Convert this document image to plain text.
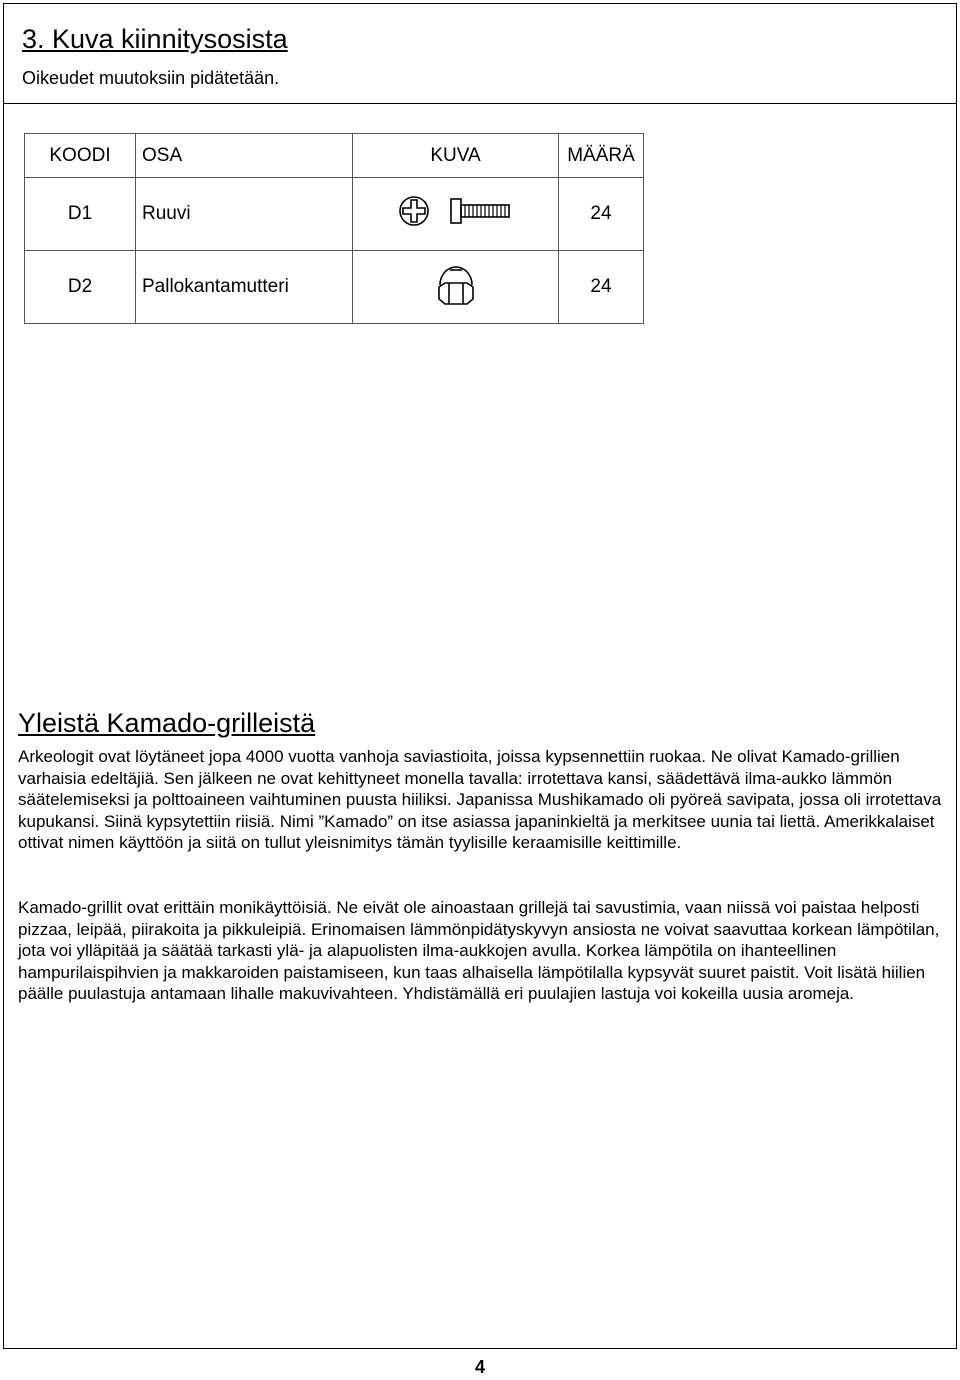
3. Kuva kiinnitysosista
Oikeudet muutoksiin pidätetään.
KOODI	OSA	KUVA	MÄÄRÄ
D1	Ruuvi		24
D2	Pallokantamutteri		24
Yleistä Kamado-grilleistä
Arkeologit ovat löytäneet jopa 4000 vuotta vanhoja saviastioita, joissa kypsennettiin ruokaa. Ne olivat Kamado-grillien varhaisia edeltäjiä. Sen jälkeen ne ovat kehittyneet monella tavalla: irrotettava kansi, säädettävä ilma-aukko lämmön säätelemiseksi ja polttoaineen vaihtuminen puusta hiiliksi. Japanissa Mushikamado oli pyöreä savipata, jossa oli irrotettava kupukansi. Siinä kypsytettiin riisiä. Nimi ”Kamado” on itse asiassa japaninkieltä ja merkitsee uunia tai liettä. Amerikkalaiset ottivat nimen käyttöön ja siitä on tullut yleisnimitys tämän tyylisille keraamisille keittimille.
Kamado-grillit ovat erittäin monikäyttöisiä. Ne eivät ole ainoastaan grillejä tai savustimia, vaan niissä voi paistaa helposti pizzaa, leipää, piirakoita ja pikkuleipiä. Erinomaisen lämmönpidätyskyvyn ansiosta ne voivat saavuttaa korkean lämpötilan, jota voi ylläpitää ja säätää tarkasti ylä- ja alapuolisten ilma-aukkojen avulla. Korkea lämpötila on ihanteellinen hampurilaispihvien ja makkaroiden paistamiseen, kun taas alhaisella lämpötilalla kypsyvät suuret paistit. Voit lisätä hiilien päälle puulastuja antamaan lihalle makuvivahteen. Yhdistämällä eri puulajien lastuja voi kokeilla uusia aromeja.
4
